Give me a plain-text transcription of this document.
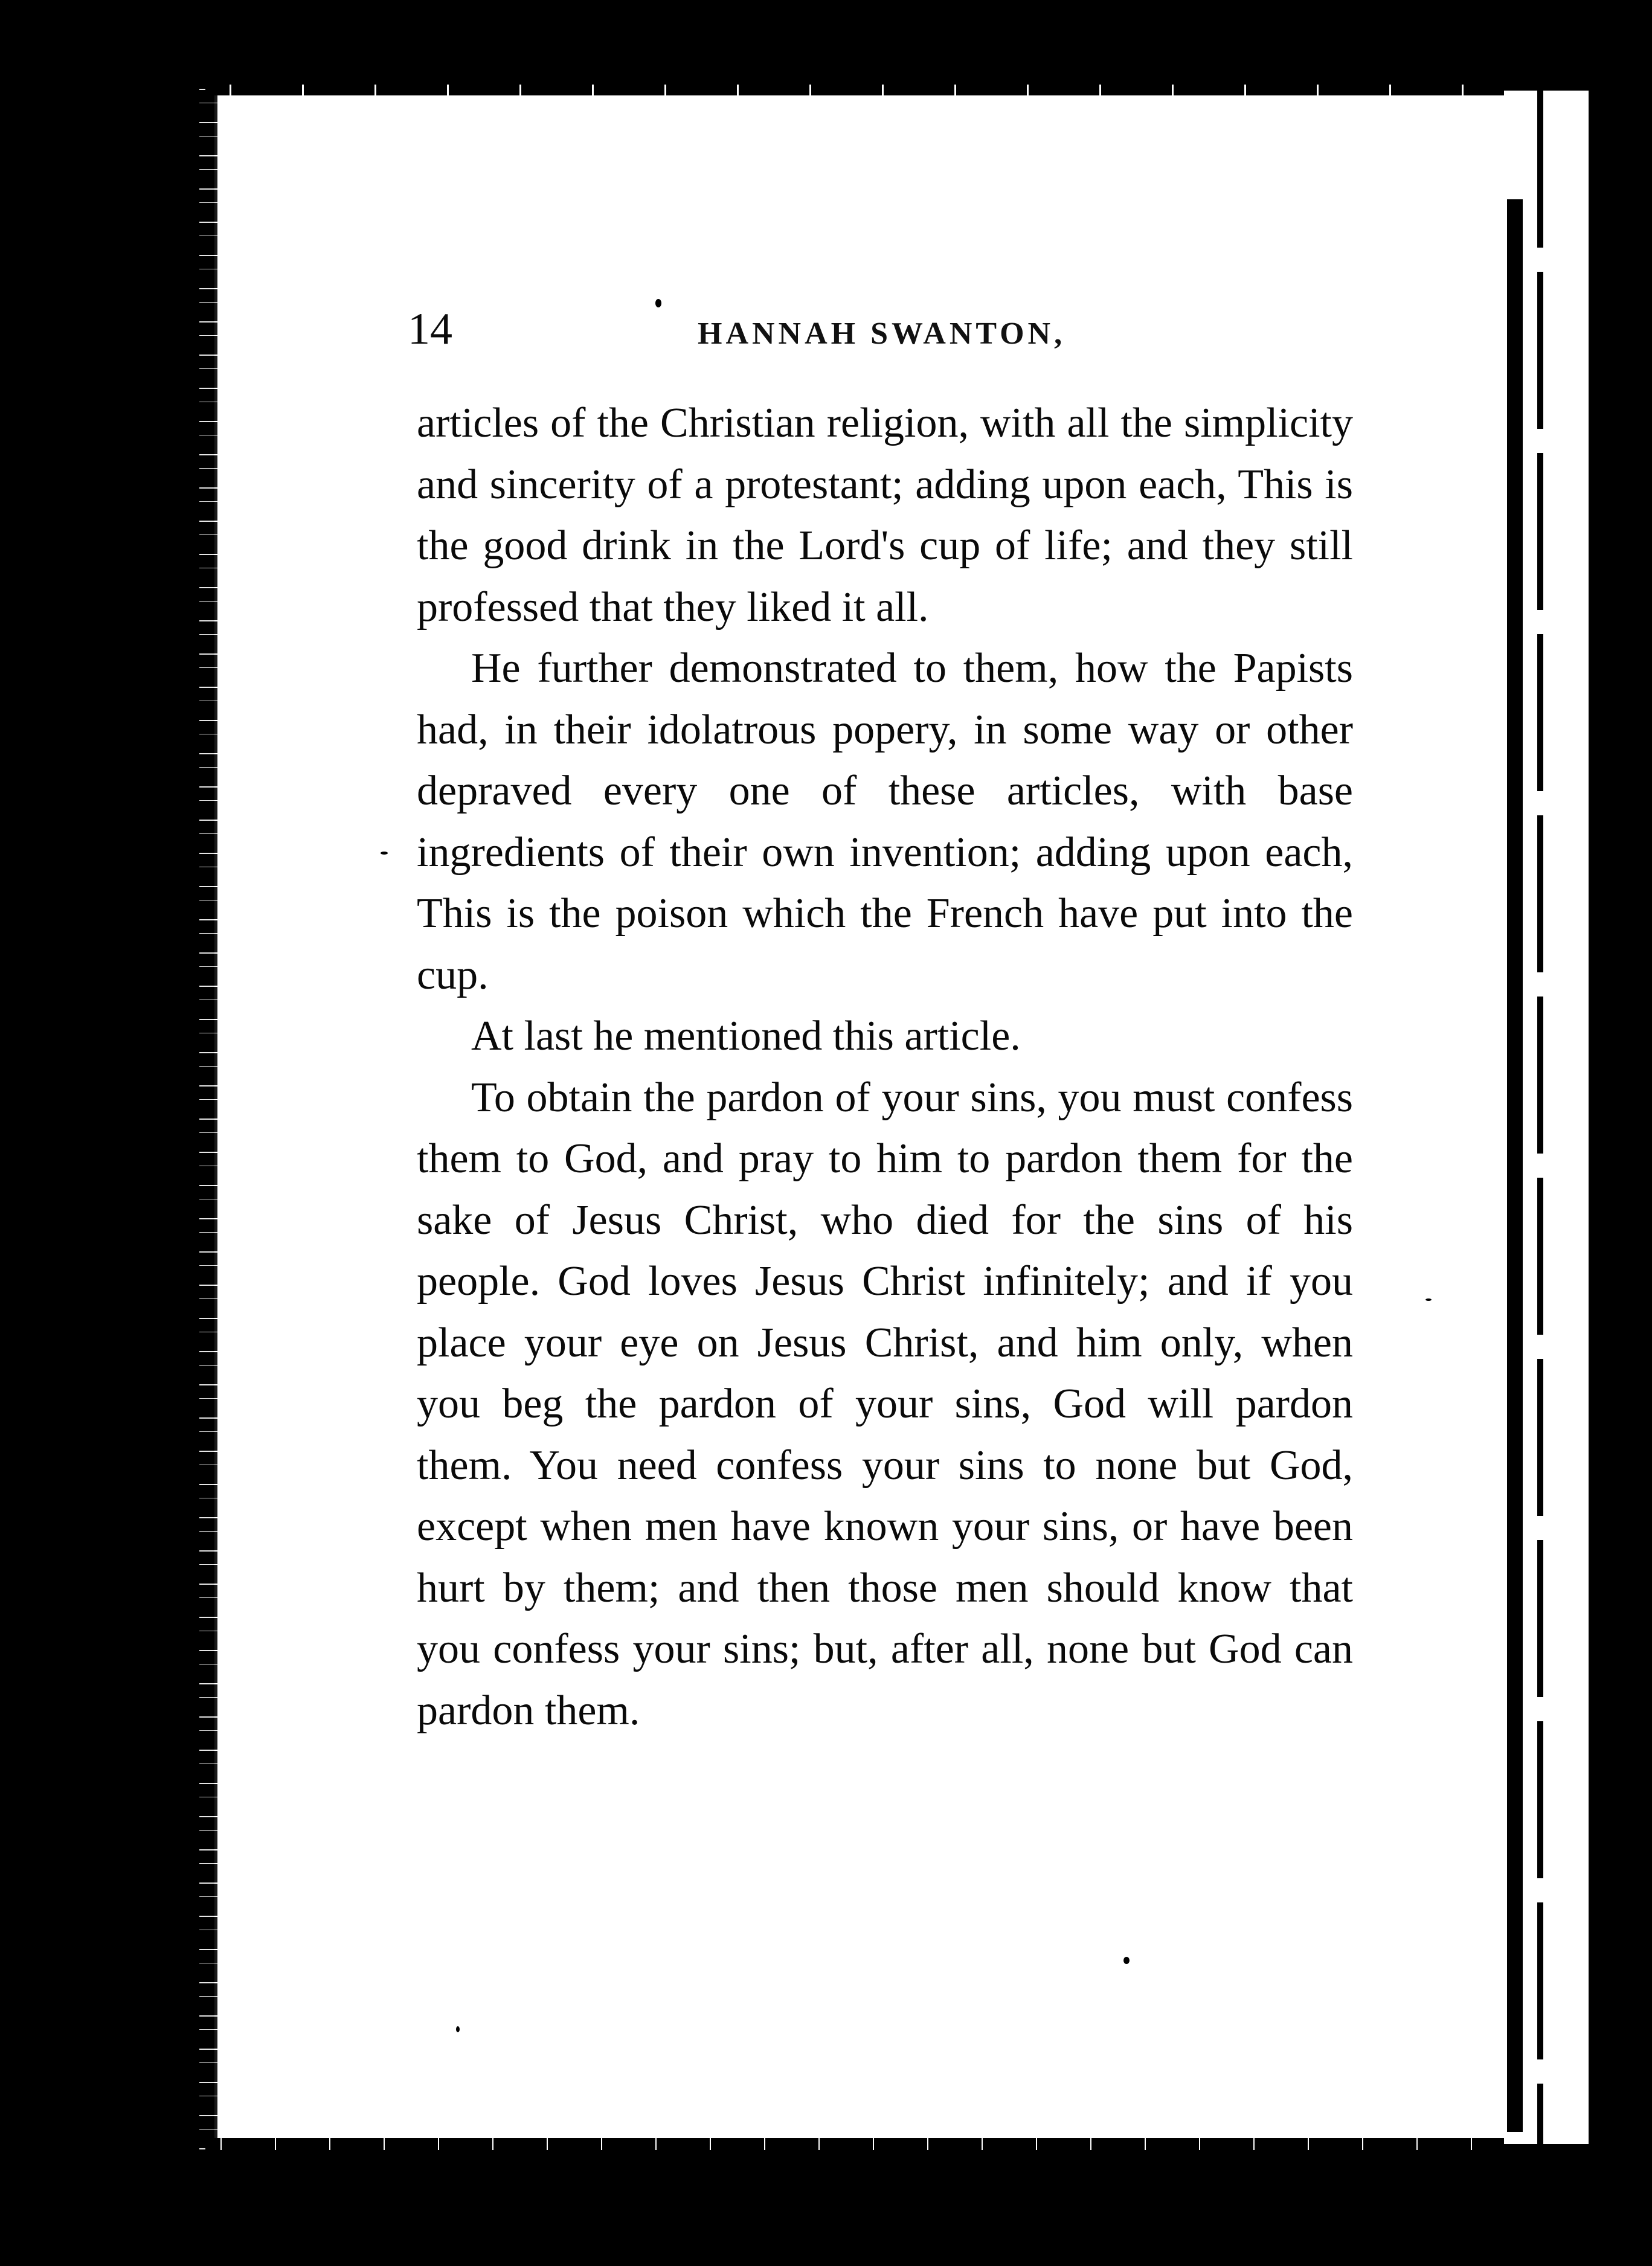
14	HANNAH SWANTON,

articles of the Christian religion, with all the simplicity and sincerity of a protestant; adding upon each, This is the good drink in the Lord's cup of life; and they still professed that they liked it all.

He further demonstrated to them, how the Papists had, in their idolatrous popery, in some way or other depraved every one of these articles, with base ingredients of their own invention; adding upon each, This is the poison which the French have put into the cup.

At last he mentioned this article.

To obtain the pardon of your sins, you must confess them to God, and pray to him to pardon them for the sake of Jesus Christ, who died for the sins of his people. God loves Jesus Christ infinitely; and if you place your eye on Jesus Christ, and him only, when you beg the pardon of your sins, God will pardon them. You need confess your sins to none but God, except when men have known your sins, or have been hurt by them; and then those men should know that you confess your sins; but, after all, none but God can pardon them.
